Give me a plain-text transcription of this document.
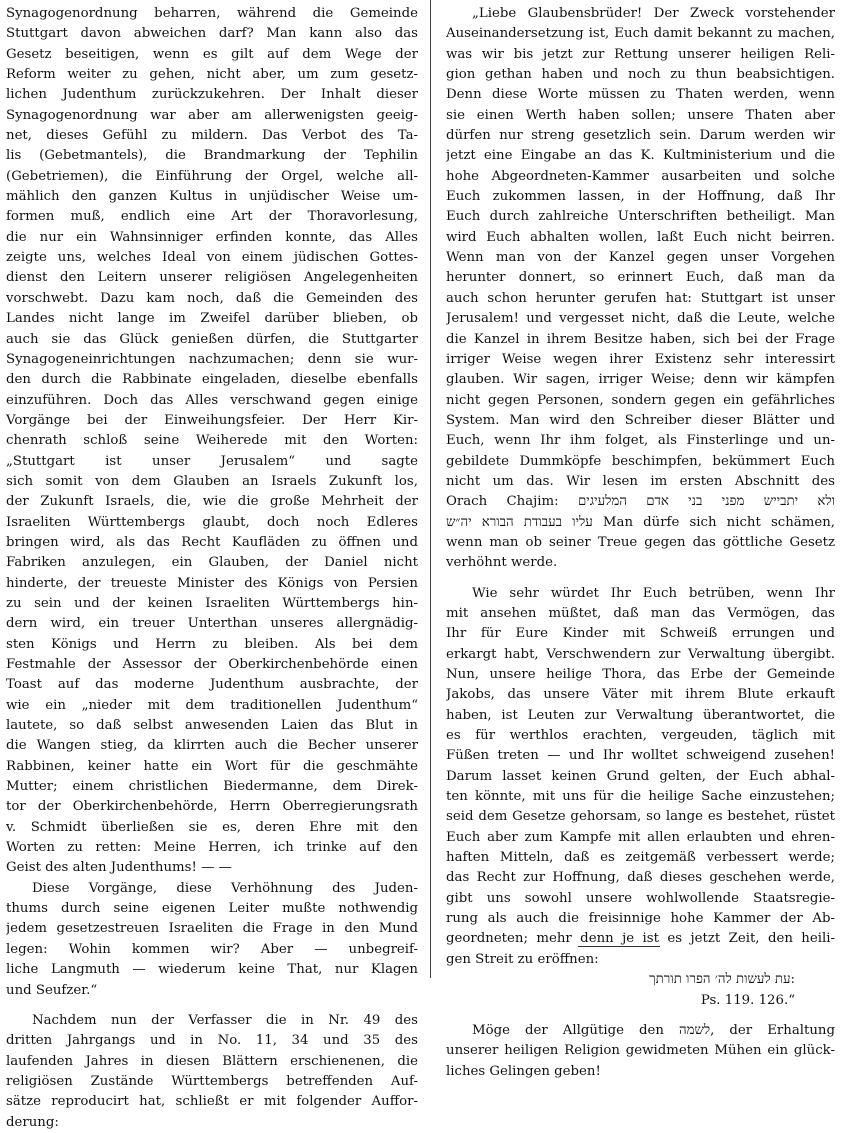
Synagogenordnung beharren, während die Gemeinde
Stuttgart davon abweichen darf? Man kann also das
Gesetz beseitigen, wenn es gilt auf dem Wege der
Reform weiter zu gehen, nicht aber, um zum gesetz-
lichen Judenthum zurückzukehren. Der Inhalt dieser
Synagogenordnung war aber am allerwenigsten geeig-
net, dieses Gefühl zu mildern. Das Verbot des Ta-
lis (Gebetmantels), die Brandmarkung der Tephilin
(Gebetriemen), die Einführung der Orgel, welche all-
mählich den ganzen Kultus in unjüdischer Weise um-
formen muß, endlich eine Art der Thoravorlesung,
die nur ein Wahnsinniger erfinden konnte, das Alles
zeigte uns, welches Ideal von einem jüdischen Gottes-
dienst den Leitern unserer religiösen Angelegenheiten
vorschwebt. Dazu kam noch, daß die Gemeinden des
Landes nicht lange im Zweifel darüber blieben, ob
auch sie das Glück genießen dürfen, die Stuttgarter
Synagogeneinrichtungen nachzumachen; denn sie wur-
den durch die Rabbinate eingeladen, dieselbe ebenfalls
einzuführen. Doch das Alles verschwand gegen einige
Vorgänge bei der Einweihungsfeier. Der Herr Kir-
chenrath schloß seine Weiherede mit den Worten:
„Stuttgart ist unser Jerusalem“ und sagte
sich somit von dem Glauben an Israels Zukunft los,
der Zukunft Israels, die, wie die große Mehrheit der
Israeliten Württembergs glaubt, doch noch Edleres
bringen wird, als das Recht Kaufläden zu öffnen und
Fabriken anzulegen, ein Glauben, der Daniel nicht
hinderte, der treueste Minister des Königs von Persien
zu sein und der keinen Israeliten Württembergs hin-
dern wird, ein treuer Unterthan unseres allergnädig-
sten Königs und Herrn zu bleiben. Als bei dem
Festmahle der Assessor der Oberkirchenbehörde einen
Toast auf das moderne Judenthum ausbrachte, der
wie ein „nieder mit dem traditionellen Judenthum“
lautete, so daß selbst anwesenden Laien das Blut in
die Wangen stieg, da klirrten auch die Becher unserer
Rabbinen, keiner hatte ein Wort für die geschmähte
Mutter; einem christlichen Biedermanne, dem Direk-
tor der Oberkirchenbehörde, Herrn Oberregierungsrath
v. Schmidt überließen sie es, deren Ehre mit den
Worten zu retten: Meine Herren, ich trinke auf den
Geist des alten Judenthums! — —
Diese Vorgänge, diese Verhöhnung des Juden-
thums durch seine eigenen Leiter mußte nothwendig
jedem gesetzestreuen Israeliten die Frage in den Mund
legen: Wohin kommen wir? Aber — unbegreif-
liche Langmuth — wiederum keine That, nur Klagen
und Seufzer.“
Nachdem nun der Verfasser die in Nr. 49 des
dritten Jahrgangs und in No. 11, 34 und 35 des
laufenden Jahres in diesen Blättern erschienenen, die
religiösen Zustände Württembergs betreffenden Auf-
sätze reproducirt hat, schließt er mit folgender Auffor-
derung:
„Liebe Glaubensbrüder! Der Zweck vorstehender
Auseinandersetzung ist, Euch damit bekannt zu machen,
was wir bis jetzt zur Rettung unserer heiligen Reli-
gion gethan haben und noch zu thun beabsichtigen.
Denn diese Worte müssen zu Thaten werden, wenn
sie einen Werth haben sollen; unsere Thaten aber
dürfen nur streng gesetzlich sein. Darum werden wir
jetzt eine Eingabe an das K. Kultministerium und die
hohe Abgeordneten-Kammer ausarbeiten und solche
Euch zukommen lassen, in der Hoffnung, daß Ihr
Euch durch zahlreiche Unterschriften betheiligt. Man
wird Euch abhalten wollen, laßt Euch nicht beirren.
Wenn man von der Kanzel gegen unser Vorgehen
herunter donnert, so erinnert Euch, daß man da
auch schon herunter gerufen hat: Stuttgart ist unser
Jerusalem! und vergesset nicht, daß die Leute, welche
die Kanzel in ihrem Besitze haben, sich bei der Frage
irriger Weise wegen ihrer Existenz sehr interessirt
glauben. Wir sagen, irriger Weise; denn wir kämpfen
nicht gegen Personen, sondern gegen ein gefährliches
System. Man wird den Schreiber dieser Blätter und
Euch, wenn Ihr ihm folget, als Finsterlinge und un-
gebildete Dummköpfe beschimpfen, bekümmert Euch
nicht um das. Wir lesen im ersten Abschnitt des
Orach Chajim: ולא יתבייש מפני בני אדם המלעיגים
עליו בעבודת הבורא יה״ש Man dürfe sich nicht schämen,
wenn man ob seiner Treue gegen das göttliche Gesetz
verhöhnt werde.
Wie sehr würdet Ihr Euch betrüben, wenn Ihr
mit ansehen müßtet, daß man das Vermögen, das
Ihr für Eure Kinder mit Schweiß errungen und
erkargt habt, Verschwendern zur Verwaltung übergibt.
Nun, unsere heilige Thora, das Erbe der Gemeinde
Jakobs, das unsere Väter mit ihrem Blute erkauft
haben, ist Leuten zur Verwaltung überantwortet, die
es für werthlos erachten, vergeuden, täglich mit
Füßen treten — und Ihr wolltet schweigend zusehen!
Darum lasset keinen Grund gelten, der Euch abhal-
ten könnte, mit uns für die heilige Sache einzustehen;
seid dem Gesetze gehorsam, so lange es bestehet, rüstet
Euch aber zum Kampfe mit allen erlaubten und ehren-
haften Mitteln, daß es zeitgemäß verbessert werde;
das Recht zur Hoffnung, daß dieses geschehen werde,
gibt uns sowohl unsere wohlwollende Staatsregie-
rung als auch die freisinnige hohe Kammer der Ab-
geordneten; mehr denn je ist es jetzt Zeit, den heili-
gen Streit zu eröffnen:
עת לעשות לה׳ הפרו תורתך:
Ps. 119. 126.“
Möge der Allgütige den לשמה, der Erhaltung
unserer heiligen Religion gewidmeten Mühen ein glück-
liches Gelingen geben!
